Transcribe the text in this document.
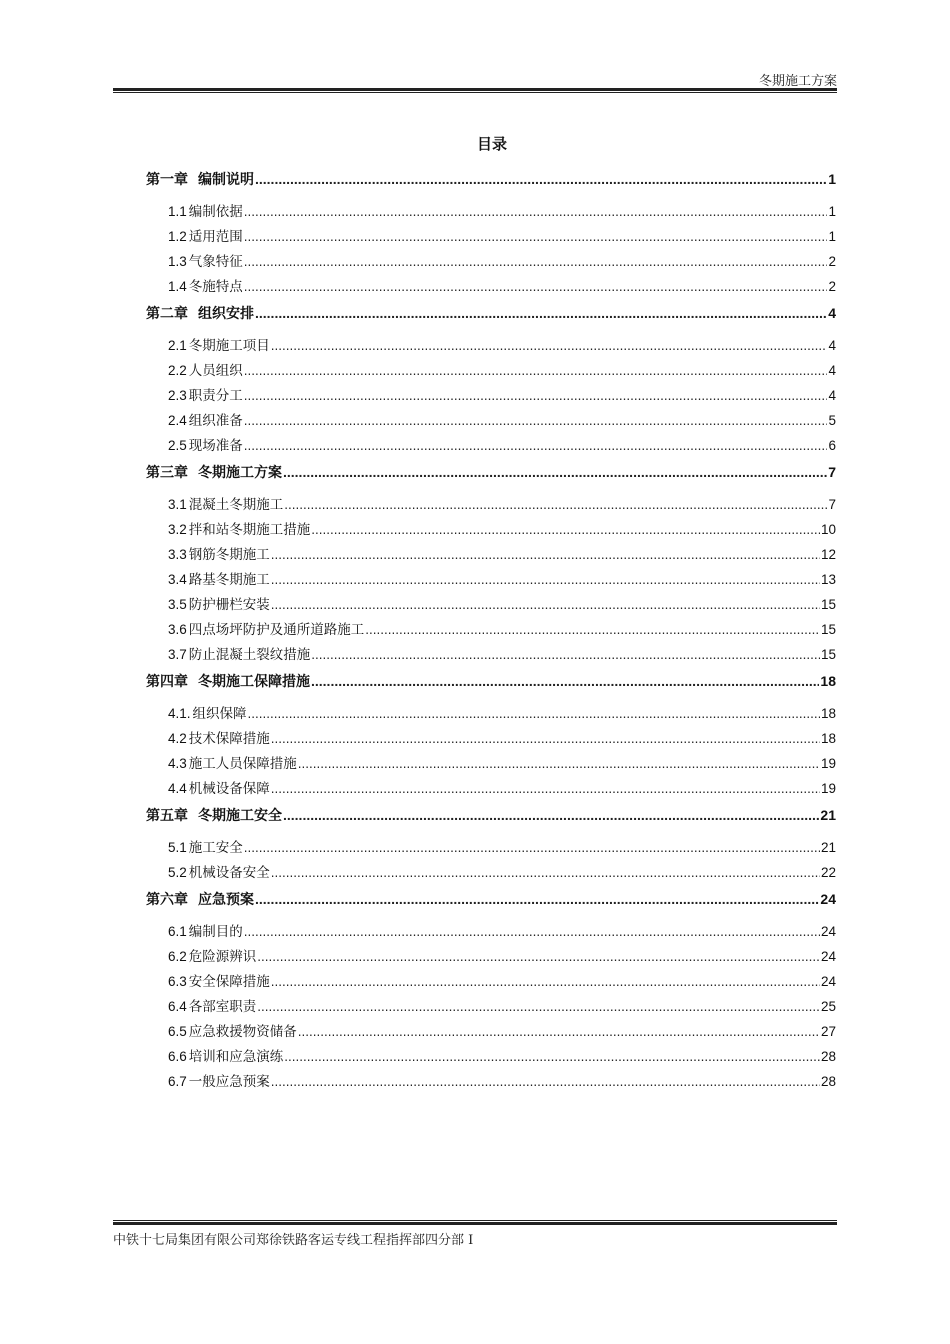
冬期施工方案
目录
第一章 编制说明 .....	1
1.1 编制依据 .....	1
1.2 适用范围 .....	1
1.3 气象特征 .....	2
1.4 冬施特点 .....	2
第二章 组织安排 .....	4
2.1 冬期施工项目 .....	4
2.2 人员组织 .....	4
2.3 职责分工 .....	4
2.4 组织准备 .....	5
2.5 现场准备 .....	6
第三章 冬期施工方案 .....	7
3.1 混凝土冬期施工 .....	7
3.2 拌和站冬期施工措施 .....	10
3.3 钢筋冬期施工 .....	12
3.4 路基冬期施工 .....	13
3.5 防护栅栏安装 .....	15
3.6 四点场坪防护及通所道路施工 .....	15
3.7 防止混凝土裂纹措施 .....	15
第四章 冬期施工保障措施 .....	18
4.1. 组织保障 .....	18
4.2 技术保障措施 .....	18
4.3 施工人员保障措施 .....	19
4.4 机械设备保障 .....	19
第五章 冬期施工安全 .....	21
5.1 施工安全 .....	21
5.2 机械设备安全 .....	22
第六章 应急预案 .....	24
6.1 编制目的 .....	24
6.2 危险源辨识 .....	24
6.3 安全保障措施 .....	24
6.4 各部室职责 .....	25
6.5 应急救援物资储备 .....	27
6.6 培训和应急演练 .....	28
6.7 一般应急预案 .....	28
中铁十七局集团有限公司郑徐铁路客运专线工程指挥部四分部 I
